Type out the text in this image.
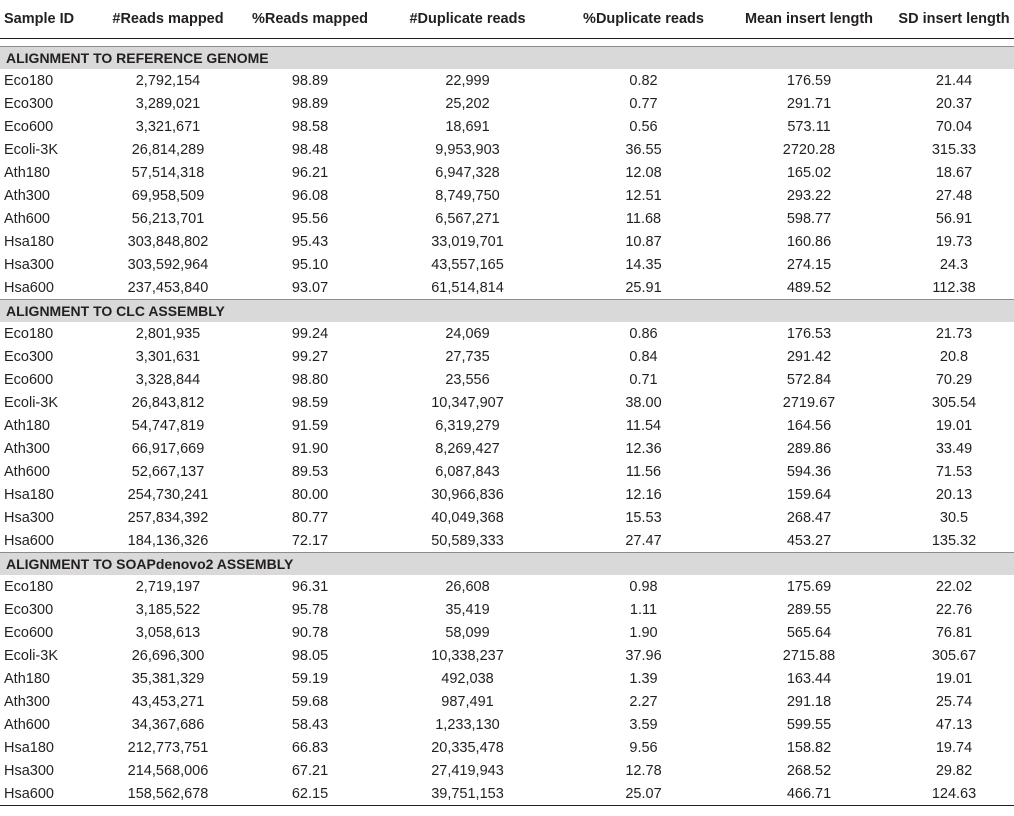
Sample ID	#Reads mapped	%Reads mapped	#Duplicate reads	%Duplicate reads	Mean insert length	SD insert length

ALIGNMENT TO REFERENCE GENOME						
Eco180	2,792,154	98.89	22,999	0.82	176.59	21.44
Eco300	3,289,021	98.89	25,202	0.77	291.71	20.37
Eco600	3,321,671	98.58	18,691	0.56	573.11	70.04
Ecoli-3K	26,814,289	98.48	9,953,903	36.55	2720.28	315.33
Ath180	57,514,318	96.21	6,947,328	12.08	165.02	18.67
Ath300	69,958,509	96.08	8,749,750	12.51	293.22	27.48
Ath600	56,213,701	95.56	6,567,271	11.68	598.77	56.91
Hsa180	303,848,802	95.43	33,019,701	10.87	160.86	19.73
Hsa300	303,592,964	95.10	43,557,165	14.35	274.15	24.3
Hsa600	237,453,840	93.07	61,514,814	25.91	489.52	112.38
ALIGNMENT TO CLC ASSEMBLY						
Eco180	2,801,935	99.24	24,069	0.86	176.53	21.73
Eco300	3,301,631	99.27	27,735	0.84	291.42	20.8
Eco600	3,328,844	98.80	23,556	0.71	572.84	70.29
Ecoli-3K	26,843,812	98.59	10,347,907	38.00	2719.67	305.54
Ath180	54,747,819	91.59	6,319,279	11.54	164.56	19.01
Ath300	66,917,669	91.90	8,269,427	12.36	289.86	33.49
Ath600	52,667,137	89.53	6,087,843	11.56	594.36	71.53
Hsa180	254,730,241	80.00	30,966,836	12.16	159.64	20.13
Hsa300	257,834,392	80.77	40,049,368	15.53	268.47	30.5
Hsa600	184,136,326	72.17	50,589,333	27.47	453.27	135.32
ALIGNMENT TO SOAPdenovo2 ASSEMBLY						
Eco180	2,719,197	96.31	26,608	0.98	175.69	22.02
Eco300	3,185,522	95.78	35,419	1.11	289.55	22.76
Eco600	3,058,613	90.78	58,099	1.90	565.64	76.81
Ecoli-3K	26,696,300	98.05	10,338,237	37.96	2715.88	305.67
Ath180	35,381,329	59.19	492,038	1.39	163.44	19.01
Ath300	43,453,271	59.68	987,491	2.27	291.18	25.74
Ath600	34,367,686	58.43	1,233,130	3.59	599.55	47.13
Hsa180	212,773,751	66.83	20,335,478	9.56	158.82	19.74
Hsa300	214,568,006	67.21	27,419,943	12.78	268.52	29.82
Hsa600	158,562,678	62.15	39,751,153	25.07	466.71	124.63
